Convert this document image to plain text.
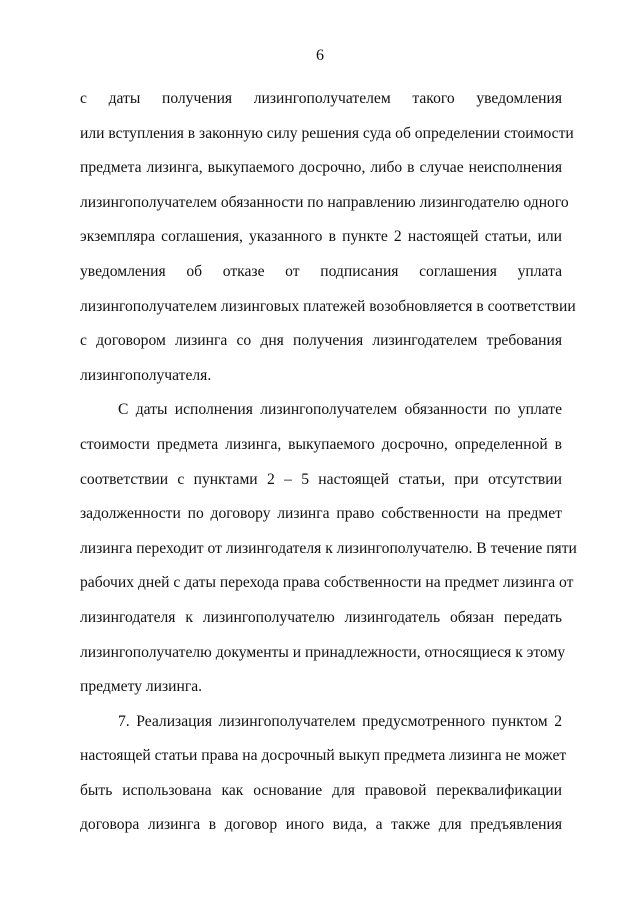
6
с даты получения лизингополучателем такого уведомления
или вступления в законную силу решения суда об определении стоимости
предмета лизинга, выкупаемого досрочно, либо в случае неисполнения
лизингополучателем обязанности по направлению лизингодателю одного
экземпляра соглашения, указанного в пункте 2 настоящей статьи, или
уведомления об отказе от подписания соглашения уплата
лизингополучателем лизинговых платежей возобновляется в соответствии
с договором лизинга со дня получения лизингодателем требования
лизингополучателя.
С даты исполнения лизингополучателем обязанности по уплате
стоимости предмета лизинга, выкупаемого досрочно, определенной в
соответствии с пунктами 2 – 5 настоящей статьи, при отсутствии
задолженности по договору лизинга право собственности на предмет
лизинга переходит от лизингодателя к лизингополучателю. В течение пяти
рабочих дней с даты перехода права собственности на предмет лизинга от
лизингодателя к лизингополучателю лизингодатель обязан передать
лизингополучателю документы и принадлежности, относящиеся к этому
предмету лизинга.
7. Реализация лизингополучателем предусмотренного пунктом 2
настоящей статьи права на досрочный выкуп предмета лизинга не может
быть использована как основание для правовой переквалификации
договора лизинга в договор иного вида, а также для предъявления
